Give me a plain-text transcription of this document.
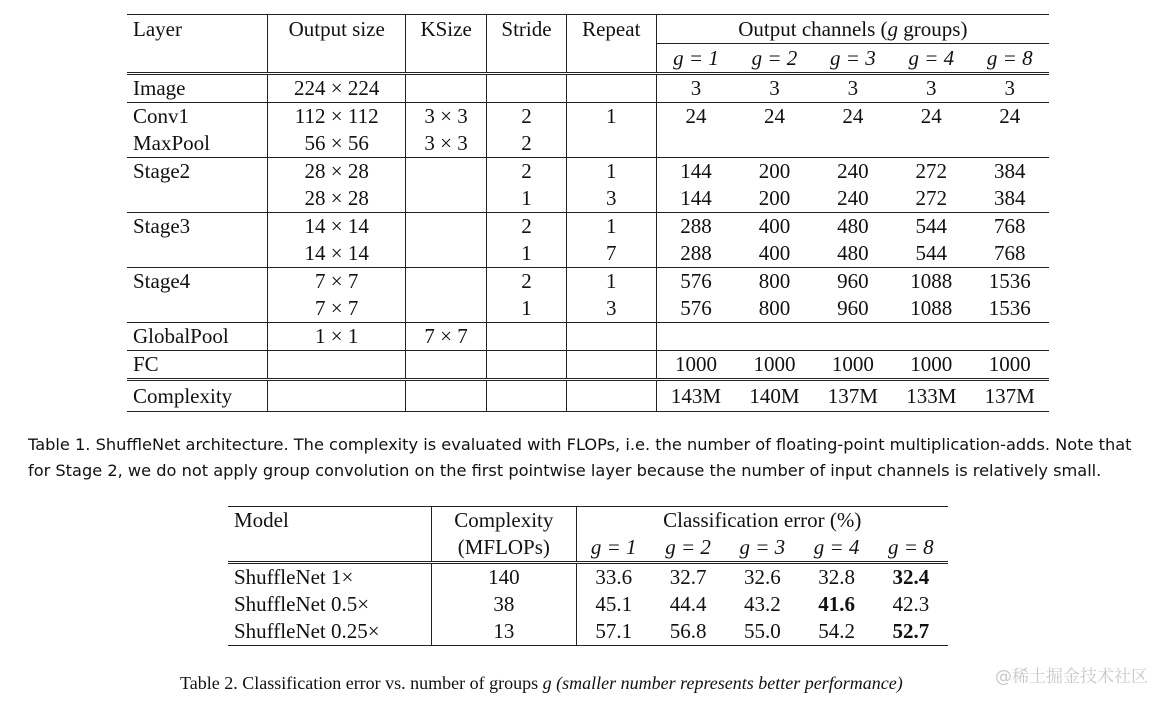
Layer	Output size	KSize	Stride	Repeat	Output channels (g groups)				
					g = 1	g = 2	g = 3	g = 4	g = 8
Image	224 × 224				3	3	3	3	3
Conv1	112 × 112	3 × 3	2	1	24	24	24	24	24
MaxPool	56 × 56	3 × 3	2						
Stage2	28 × 28		2	1	144	200	240	272	384
	28 × 28		1	3	144	200	240	272	384
Stage3	14 × 14		2	1	288	400	480	544	768
	14 × 14		1	7	288	400	480	544	768
Stage4	7 × 7		2	1	576	800	960	1088	1536
	7 × 7		1	3	576	800	960	1088	1536
GlobalPool	1 × 1	7 × 7							
FC					1000	1000	1000	1000	1000
Complexity					143M	140M	137M	133M	137M
Table 1. ShuffleNet architecture. The complexity is evaluated with FLOPs, i.e. the number of floating-point multiplication-adds. Note that for Stage 2, we do not apply group convolution on the first pointwise layer because the number of input channels is relatively small.
Model	Complexity	Classification error (%)				
	(MFLOPs)	g = 1	g = 2	g = 3	g = 4	g = 8
ShuffleNet 1×	140	33.6	32.7	32.6	32.8	32.4
ShuffleNet 0.5×	38	45.1	44.4	43.2	41.6	42.3
ShuffleNet 0.25×	13	57.1	56.8	55.0	54.2	52.7
Table 2. Classification error vs. number of groups g (smaller number represents better performance)	@稀土掘金技术社区
